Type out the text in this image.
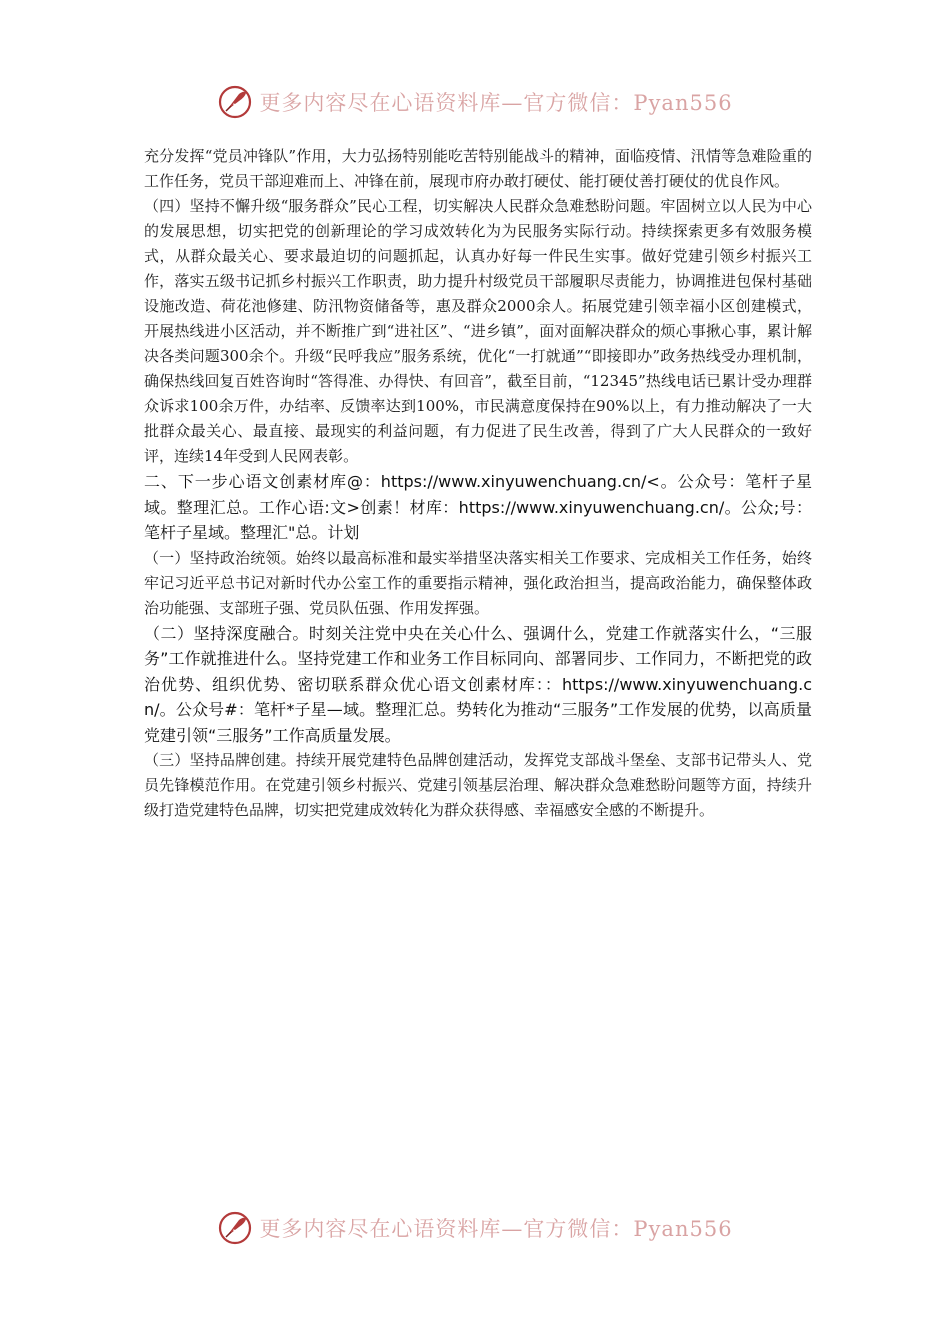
更多内容尽在心语资料库—官方微信：Pyan556

充分发挥“党员冲锋队”作用，大力弘扬特别能吃苦特别能战斗的精神，面临疫情、汛情等急难险重的工作任务，党员干部迎难而上、冲锋在前，展现市府办敢打硬仗、能打硬仗善打硬仗的优良作风。

（四）坚持不懈升级“服务群众”民心工程，切实解决人民群众急难愁盼问题。牢固树立以人民为中心的发展思想，切实把党的创新理论的学习成效转化为为民服务实际行动。持续探索更多有效服务模式，从群众最关心、要求最迫切的问题抓起，认真办好每一件民生实事。做好党建引领乡村振兴工作，落实五级书记抓乡村振兴工作职责，助力提升村级党员干部履职尽责能力，协调推进包保村基础设施改造、荷花池修建、防汛物资储备等，惠及群众2000余人。拓展党建引领幸福小区创建模式，开展热线进小区活动，并不断推广到“进社区”、“进乡镇”，面对面解决群众的烦心事揪心事，累计解决各类问题300余个。升级“民呼我应”服务系统，优化“一打就通”“即接即办”政务热线受办理机制，确保热线回复百姓咨询时“答得准、办得快、有回音”，截至目前，“12345”热线电话已累计受办理群众诉求100余万件，办结率、反馈率达到100%，市民满意度保持在90%以上，有力推动解决了一大批群众最关心、最直接、最现实的利益问题，有力促进了民生改善，得到了广大人民群众的一致好评，连续14年受到人民网表彰。

二、下一步心语文创素材库@：https://www.xinyuwenchuang.cn/<。公众号：笔杆子星域。整理汇总。工作心语:文>创素！材库：https://www.xinyuwenchuang.cn/。公众;号：笔杆子星域。整理汇"总。计划

（一）坚持政治统领。始终以最高标准和最实举措坚决落实相关工作要求、完成相关工作任务，始终牢记习近平总书记对新时代办公室工作的重要指示精神，强化政治担当，提高政治能力，确保整体政治功能强、支部班子强、党员队伍强、作用发挥强。

（二）坚持深度融合。时刻关注党中央在关心什么、强调什么，党建工作就落实什么，“三服务”工作就推进什么。坚持党建工作和业务工作目标同向、部署同步、工作同力，不断把党的政治优势、组织优势、密切联系群众优心语文创素材库：：https://www.xinyuwenchuang.cn/。公众号#：笔杆*子星—域。整理汇总。势转化为推动“三服务”工作发展的优势，以高质量党建引领“三服务”工作高质量发展。

（三）坚持品牌创建。持续开展党建特色品牌创建活动，发挥党支部战斗堡垒、支部书记带头人、党员先锋模范作用。在党建引领乡村振兴、党建引领基层治理、解决群众急难愁盼问题等方面，持续升级打造党建特色品牌，切实把党建成效转化为群众获得感、幸福感安全感的不断提升。

更多内容尽在心语资料库—官方微信：Pyan556
